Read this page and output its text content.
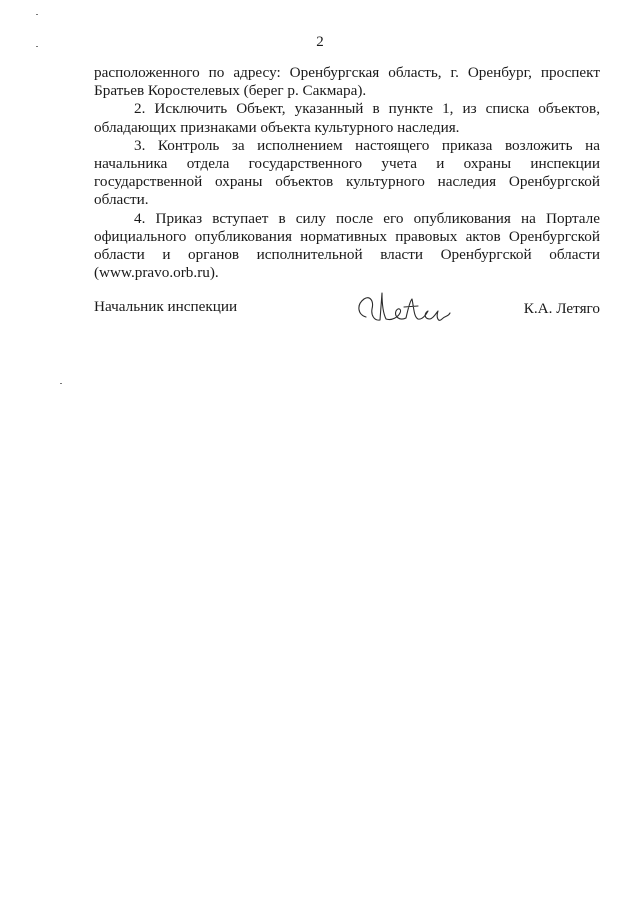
2

расположенного по адресу: Оренбургская область, г. Оренбург, проспект Братьев Коростелевых (берег р. Сакмара).

2. Исключить Объект, указанный в пункте 1, из списка объектов, обладающих признаками объекта культурного наследия.

3. Контроль за исполнением настоящего приказа возложить на начальника отдела государственного учета и охраны инспекции государственной охраны объектов культурного наследия Оренбургской области.

4. Приказ вступает в силу после его опубликования на Портале официального опубликования нормативных правовых актов Оренбургской области и органов исполнительной власти Оренбургской области (www.pravo.orb.ru).

Начальник инспекции	К.А. Летяго
